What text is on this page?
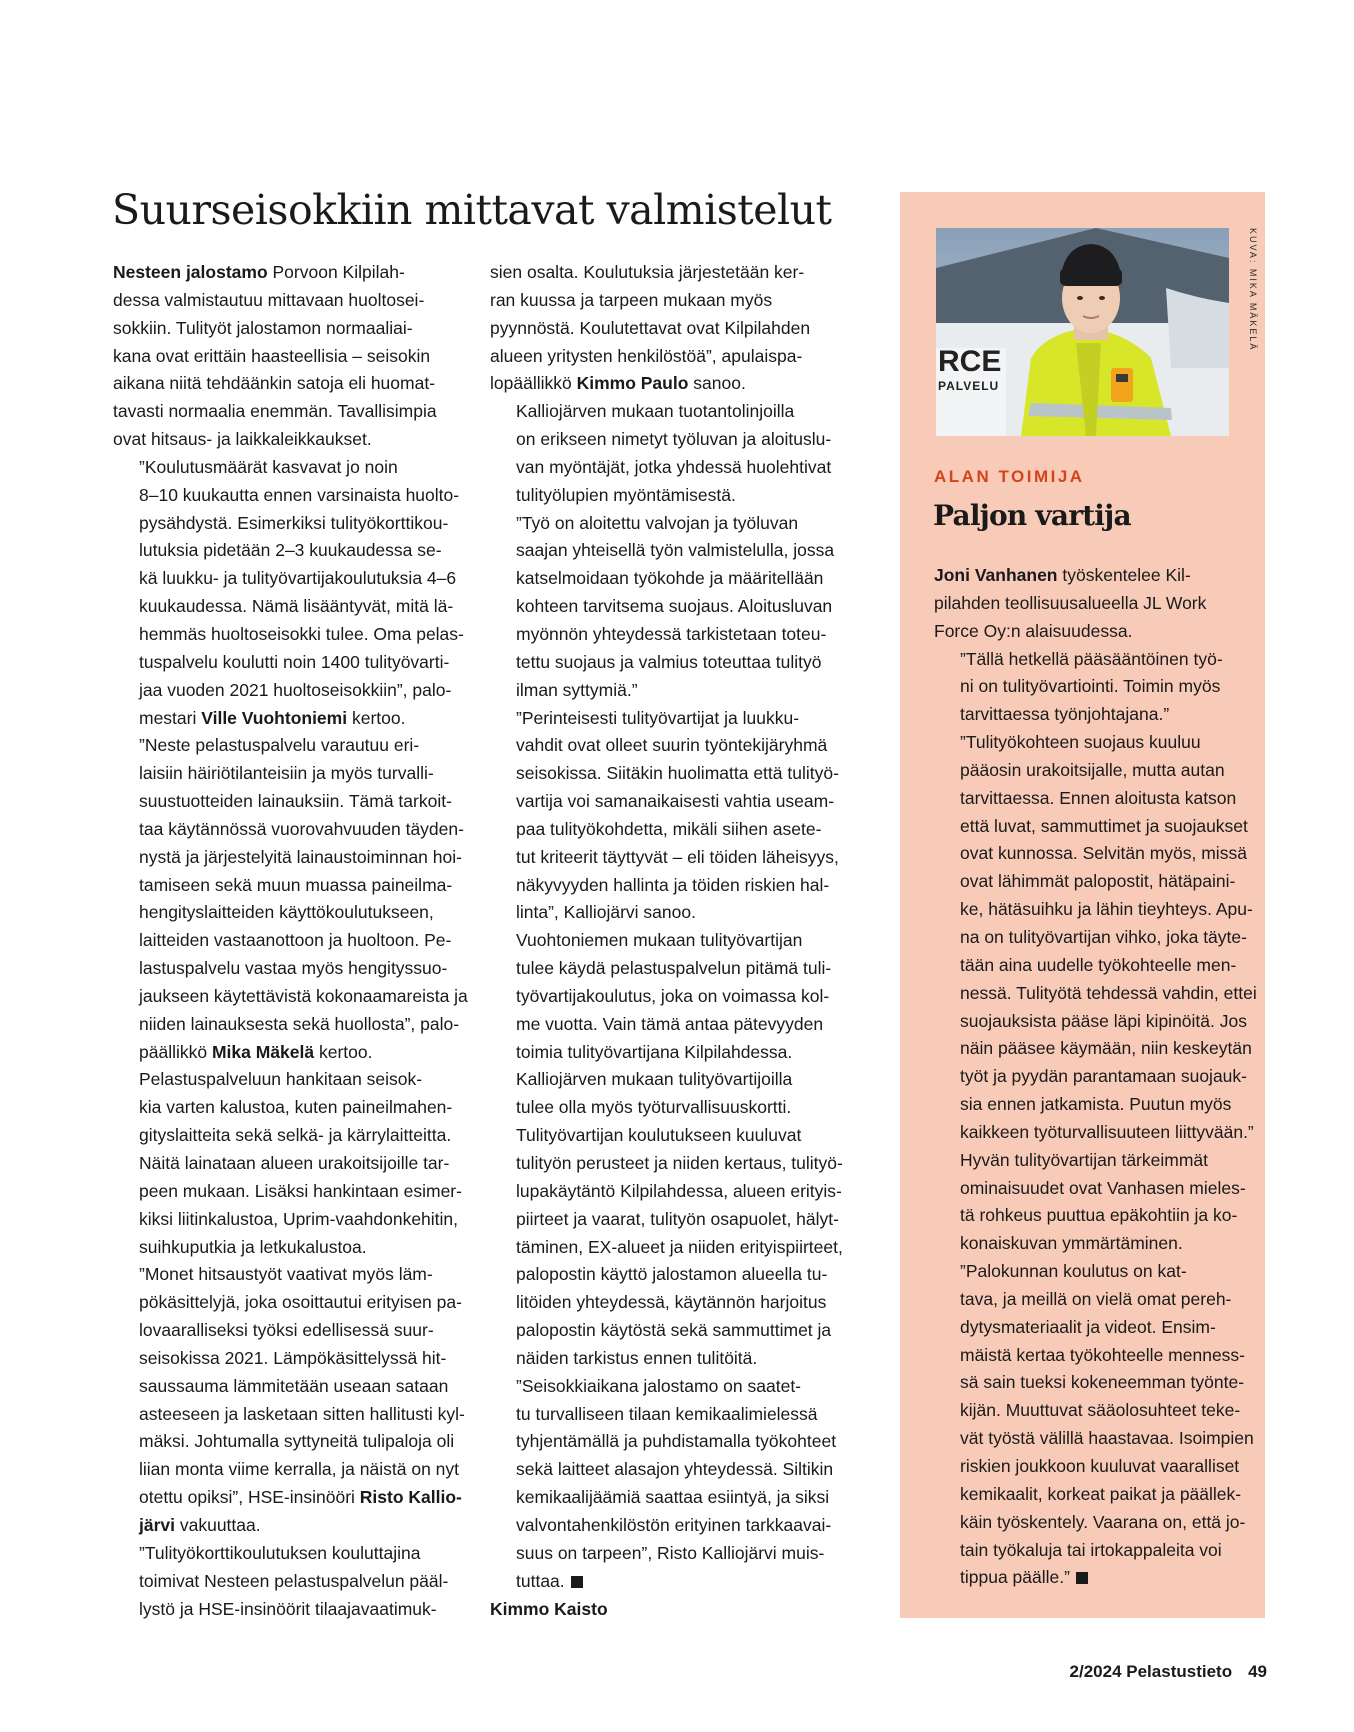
Suurseisokkiin mittavat valmistelut

Nesteen jalostamo Porvoon Kilpilah-
dessa valmistautuu mittavaan huoltosei-
sokkiin. Tulityöt jalostamon normaaliai-
kana ovat erittäin haasteellisia – seisokin
aikana niitä tehdäänkin satoja eli huomat-
tavasti normaalia enemmän. Tavallisimpia
ovat hitsaus- ja laikkaleikkaukset.

”Koulutusmäärät kasvavat jo noin
8–10 kuukautta ennen varsinaista huolto-
pysähdystä. Esimerkiksi tulityökorttikou-
lutuksia pidetään 2–3 kuukaudessa se-
kä luukku- ja tulityövartijakoulutuksia 4–6
kuukaudessa. Nämä lisääntyvät, mitä lä-
hemmäs huoltoseisokki tulee. Oma pelas-
tuspalvelu koulutti noin 1400 tulityövarti-
jaa vuoden 2021 huoltoseisokkiin”, palo-
mestari Ville Vuohtoniemi kertoo.

”Neste pelastuspalvelu varautuu eri-
laisiin häiriötilanteisiin ja myös turvalli-
suustuotteiden lainauksiin. Tämä tarkoit-
taa käytännössä vuorovahvuuden täyden-
nystä ja järjestelyitä lainaustoiminnan hoi-
tamiseen sekä muun muassa paineilma-
hengityslaitteiden käyttökoulutukseen,
laitteiden vastaanottoon ja huoltoon. Pe-
lastuspalvelu vastaa myös hengityssuo-
jaukseen käytettävistä kokonaamareista ja
niiden lainauksesta sekä huollosta”, palo-
päällikkö Mika Mäkelä kertoo.

Pelastuspalveluun hankitaan seisok-
kia varten kalustoa, kuten paineilmahen-
gityslaitteita sekä selkä- ja kärrylaitteitta.
Näitä lainataan alueen urakoitsijoille tar-
peen mukaan. Lisäksi hankintaan esimer-
kiksi liitinkalustoa, Uprim-vaahdonkehitin,
suihkuputkia ja letkukalustoa.

”Monet hitsaustyöt vaativat myös läm-
pökäsittelyjä, joka osoittautui erityisen pa-
lovaaralliseksi työksi edellisessä suur-
seisokissa 2021. Lämpökäsittelyssä hit-
saussauma lämmitetään useaan sataan
asteeseen ja lasketaan sitten hallitusti kyl-
mäksi. Johtumalla syttyneitä tulipaloja oli
liian monta viime kerralla, ja näistä on nyt
otettu opiksi”, HSE-insinööri Risto Kallio-
järvi vakuuttaa.

”Tulityökorttikoulutuksen kouluttajina
toimivat Nesteen pelastuspalvelun pääl-
lystö ja HSE-insinöörit tilaajavaatimuk-

sien osalta. Koulutuksia järjestetään ker-
ran kuussa ja tarpeen mukaan myös
pyynnöstä. Koulutettavat ovat Kilpilahden
alueen yritysten henkilöstöä”, apulaispa-
lopäällikkö Kimmo Paulo sanoo.

Kalliojärven mukaan tuotantolinjoilla
on erikseen nimetyt työluvan ja aloituslu-
van myöntäjät, jotka yhdessä huolehtivat
tulityölupien myöntämisestä.

”Työ on aloitettu valvojan ja työluvan
saajan yhteisellä työn valmistelulla, jossa
katselmoidaan työkohde ja määritellään
kohteen tarvitsema suojaus. Aloitusluvan
myönnön yhteydessä tarkistetaan toteu-
tettu suojaus ja valmius toteuttaa tulityö
ilman syttymiä.”

”Perinteisesti tulityövartijat ja luukku-
vahdit ovat olleet suurin työntekijäryhmä
seisokissa. Siitäkin huolimatta että tulityö-
vartija voi samanaikaisesti vahtia useam-
paa tulityökohdetta, mikäli siihen asete-
tut kriteerit täyttyvät – eli töiden läheisyys,
näkyvyyden hallinta ja töiden riskien hal-
linta”, Kalliojärvi sanoo.

Vuohtoniemen mukaan tulityövartijan
tulee käydä pelastuspalvelun pitämä tuli-
työvartijakoulutus, joka on voimassa kol-
me vuotta. Vain tämä antaa pätevyyden
toimia tulityövartijana Kilpilahdessa.

Kalliojärven mukaan tulityövartijoilla
tulee olla myös työturvallisuuskortti.

Tulityövartijan koulutukseen kuuluvat
tulityön perusteet ja niiden kertaus, tulityö-
lupakäytäntö Kilpilahdessa, alueen erityis-
piirteet ja vaarat, tulityön osapuolet, hälyt-
täminen, EX-alueet ja niiden erityispiirteet,
palopostin käyttö jalostamon alueella tu-
litöiden yhteydessä, käytännön harjoitus
palopostin käytöstä sekä sammuttimet ja
näiden tarkistus ennen tulitöitä.

”Seisokkiaikana jalostamo on saatet-
tu turvalliseen tilaan kemikaalimielessä
tyhjentämällä ja puhdistamalla työkohteet
sekä laitteet alasajon yhteydessä. Siltikin
kemikaalijäämiä saattaa esiintyä, ja siksi
valvontahenkilöstön erityinen tarkkaavai-
suus on tarpeen”, Risto Kalliojärvi muis-
tuttaa.

Kimmo Kaisto
RCE
PALVELU
KUVA: MIKA MÄKELÄ
ALAN TOIMIJA
Paljon vartija

Joni Vanhanen työskentelee Kil-
pilahden teollisuusalueella JL Work
Force Oy:n alaisuudessa.

”Tällä hetkellä pääsääntöinen työ-
ni on tulityövartiointi. Toimin myös
tarvittaessa työnjohtajana.”

”Tulityökohteen suojaus kuuluu
pääosin urakoitsijalle, mutta autan
tarvittaessa. Ennen aloitusta katson
että luvat, sammuttimet ja suojaukset
ovat kunnossa. Selvitän myös, missä
ovat lähimmät palopostit, hätäpaini-
ke, hätäsuihku ja lähin tieyhteys. Apu-
na on tulityövartijan vihko, joka täyte-
tään aina uudelle työkohteelle men-
nessä. Tulityötä tehdessä vahdin, ettei
suojauksista pääse läpi kipinöitä. Jos
näin pääsee käymään, niin keskeytän
työt ja pyydän parantamaan suojauk-
sia ennen jatkamista. Puutun myös
kaikkeen työturvallisuuteen liittyvään.”

Hyvän tulityövartijan tärkeimmät
ominaisuudet ovat Vanhasen mieles-
tä rohkeus puuttua epäkohtiin ja ko-
konaiskuvan ymmärtäminen.

”Palokunnan koulutus on kat-
tava, ja meillä on vielä omat pereh-
dytysmateriaalit ja videot. Ensim-
mäistä kertaa työkohteelle menness-
sä sain tueksi kokeneemman työnte-
kijän. Muuttuvat sääolosuhteet teke-
vät työstä välillä haastavaa. Isoimpien
riskien joukkoon kuuluvat vaaralliset
kemikaalit, korkeat paikat ja päällek-
käin työskentely. Vaarana on, että jo-
tain työkaluja tai irtokappaleita voi
tippua päälle.”

2/2024 Pelastustieto 49
